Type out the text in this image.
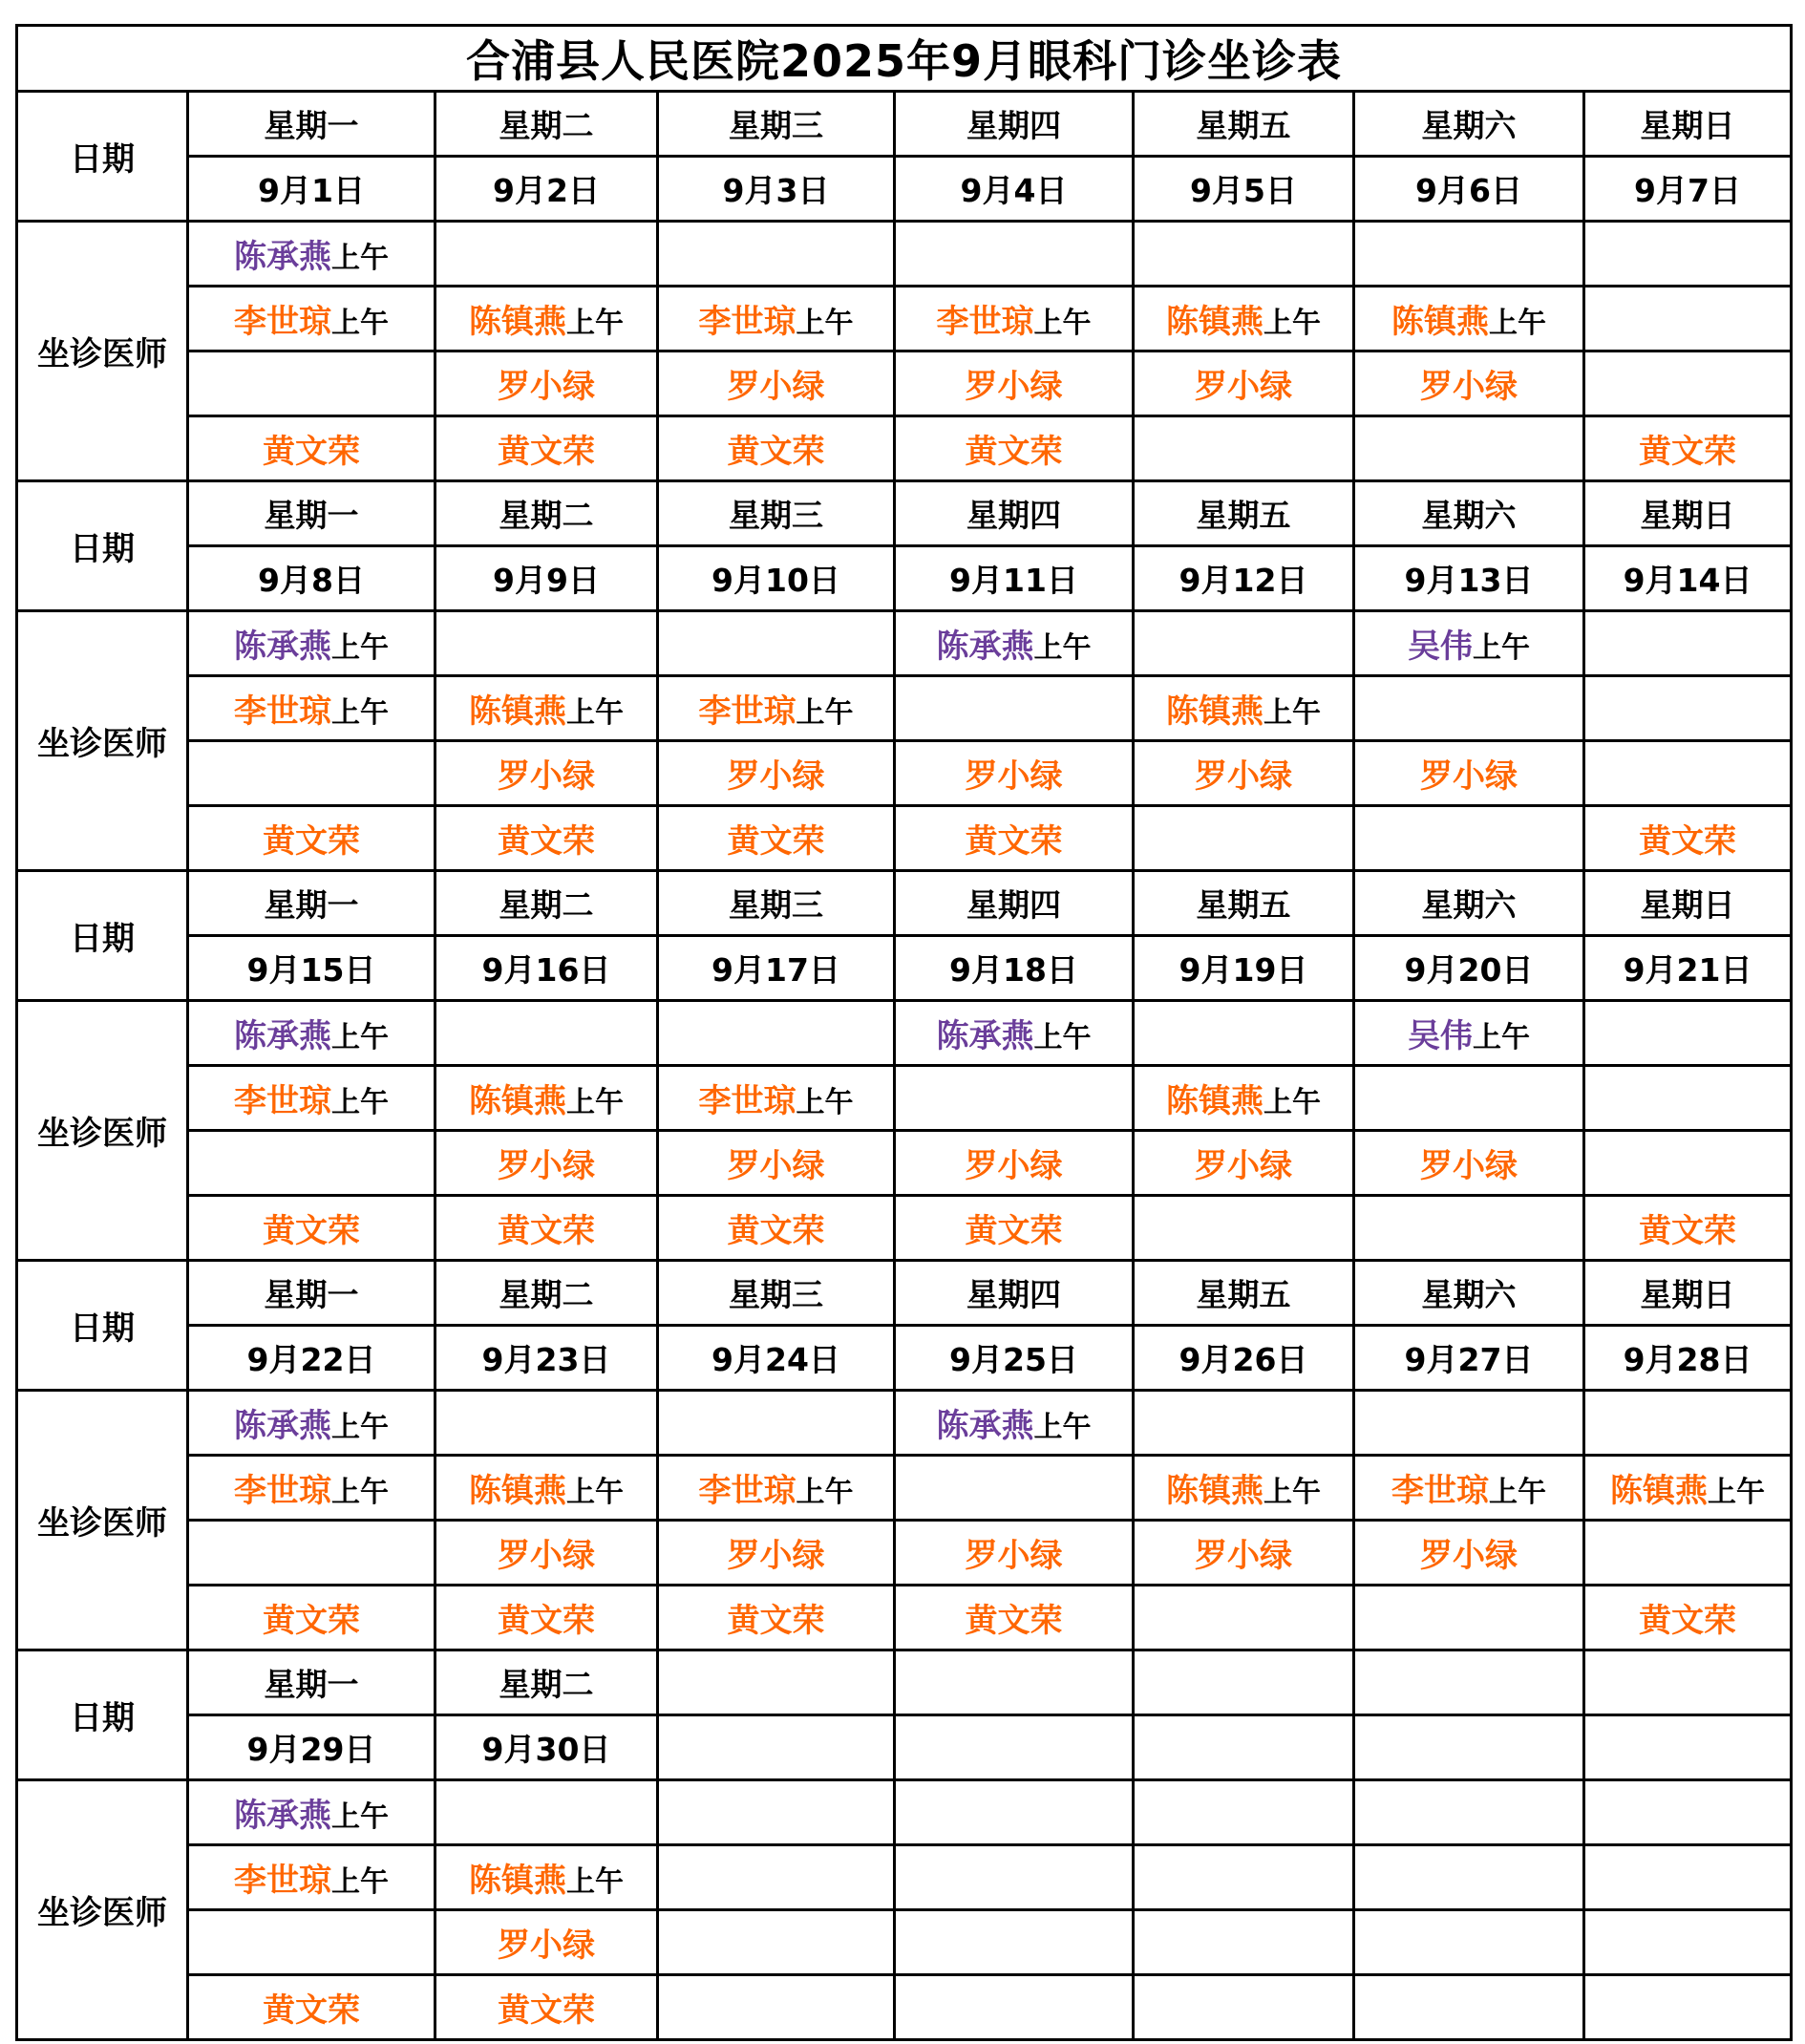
合浦县人民医院2025年9月眼科门诊坐诊表							
日期	星期一	星期二	星期三	星期四	星期五	星期六	星期日
	9月1日	9月2日	9月3日	9月4日	9月5日	9月6日	9月7日
坐诊医师	陈承燕上午						
	李世琼上午	陈镇燕上午	李世琼上午	李世琼上午	陈镇燕上午	陈镇燕上午	
		罗小绿	罗小绿	罗小绿	罗小绿	罗小绿	
	黄文荣	黄文荣	黄文荣	黄文荣			黄文荣
日期	星期一	星期二	星期三	星期四	星期五	星期六	星期日
	9月8日	9月9日	9月10日	9月11日	9月12日	9月13日	9月14日
坐诊医师	陈承燕上午			陈承燕上午		吴伟上午	
	李世琼上午	陈镇燕上午	李世琼上午		陈镇燕上午		
		罗小绿	罗小绿	罗小绿	罗小绿	罗小绿	
	黄文荣	黄文荣	黄文荣	黄文荣			黄文荣
日期	星期一	星期二	星期三	星期四	星期五	星期六	星期日
	9月15日	9月16日	9月17日	9月18日	9月19日	9月20日	9月21日
坐诊医师	陈承燕上午			陈承燕上午		吴伟上午	
	李世琼上午	陈镇燕上午	李世琼上午		陈镇燕上午		
		罗小绿	罗小绿	罗小绿	罗小绿	罗小绿	
	黄文荣	黄文荣	黄文荣	黄文荣			黄文荣
日期	星期一	星期二	星期三	星期四	星期五	星期六	星期日
	9月22日	9月23日	9月24日	9月25日	9月26日	9月27日	9月28日
坐诊医师	陈承燕上午			陈承燕上午			
	李世琼上午	陈镇燕上午	李世琼上午		陈镇燕上午	李世琼上午	陈镇燕上午
		罗小绿	罗小绿	罗小绿	罗小绿	罗小绿	
	黄文荣	黄文荣	黄文荣	黄文荣			黄文荣
日期	星期一	星期二					
	9月29日	9月30日					
坐诊医师	陈承燕上午						
	李世琼上午	陈镇燕上午					
		罗小绿					
	黄文荣	黄文荣					
